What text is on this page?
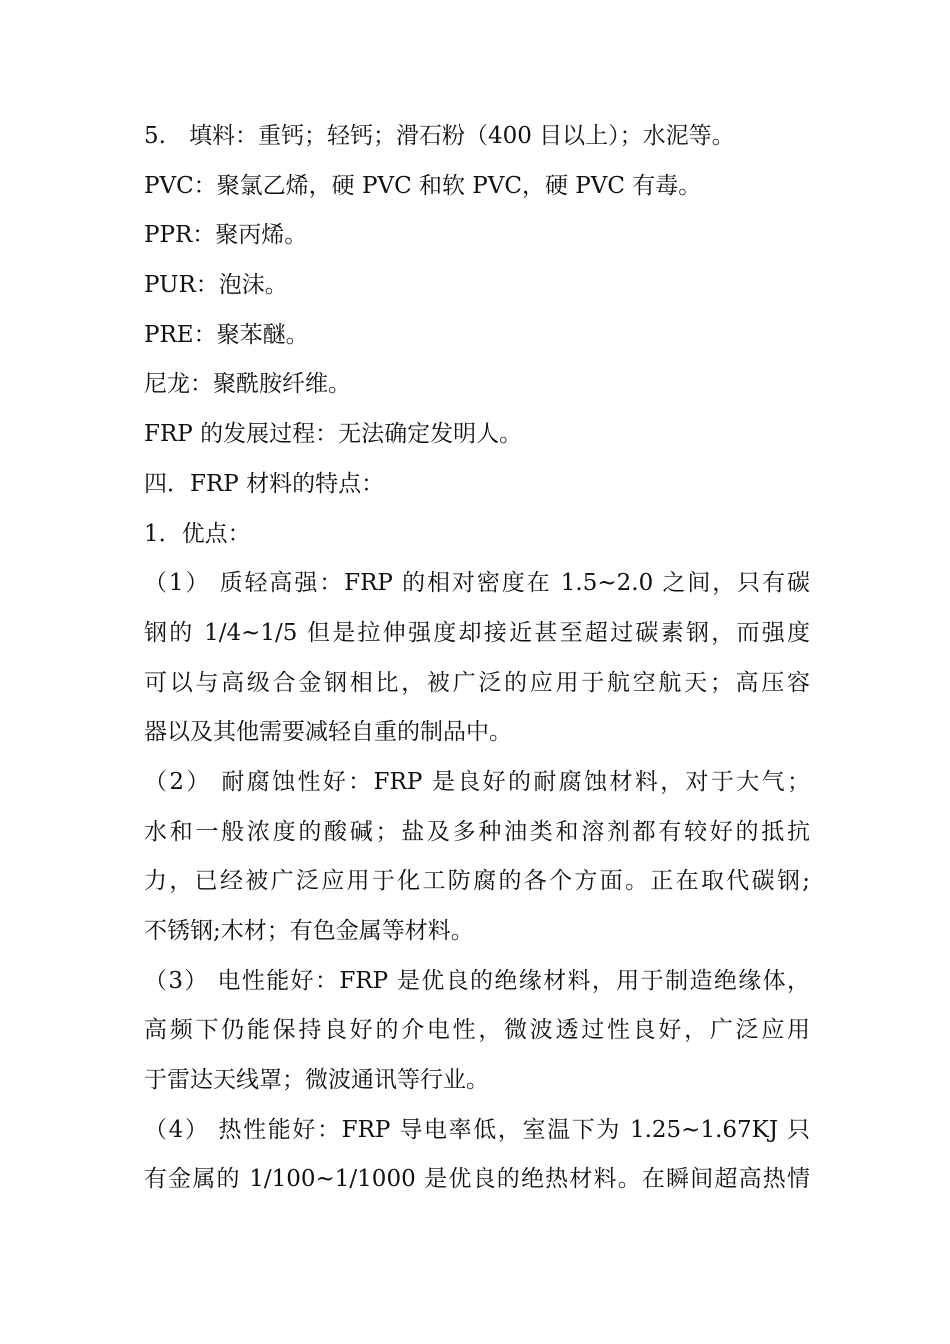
5.　填料：重钙；轻钙；滑石粉（400 目以上）；水泥等。
PVC：聚氯乙烯，硬 PVC 和软 PVC，硬 PVC 有毒。
PPR：聚丙烯。
PUR：泡沫。
PRE：聚苯醚。
尼龙：聚酰胺纤维。
FRP 的发展过程：无法确定发明人。
四．FRP 材料的特点：
1．优点：
（1） 质轻高强：FRP 的相对密度在 1.5~2.0 之间，只有碳
钢的 1/4~1/5 但是拉伸强度却接近甚至超过碳素钢，而强度
可以与高级合金钢相比，被广泛的应用于航空航天；高压容
器以及其他需要减轻自重的制品中。
（2） 耐腐蚀性好：FRP 是良好的耐腐蚀材料，对于大气；
水和一般浓度的酸碱；盐及多种油类和溶剂都有较好的抵抗
力，已经被广泛应用于化工防腐的各个方面。正在取代碳钢;
不锈钢;木材；有色金属等材料。
（3） 电性能好：FRP 是优良的绝缘材料，用于制造绝缘体，
高频下仍能保持良好的介电性，微波透过性良好，广泛应用
于雷达天线罩；微波通讯等行业。
（4） 热性能好：FRP 导电率低，室温下为 1.25~1.67KJ 只
有金属的 1/100~1/1000 是优良的绝热材料。在瞬间超高热情
